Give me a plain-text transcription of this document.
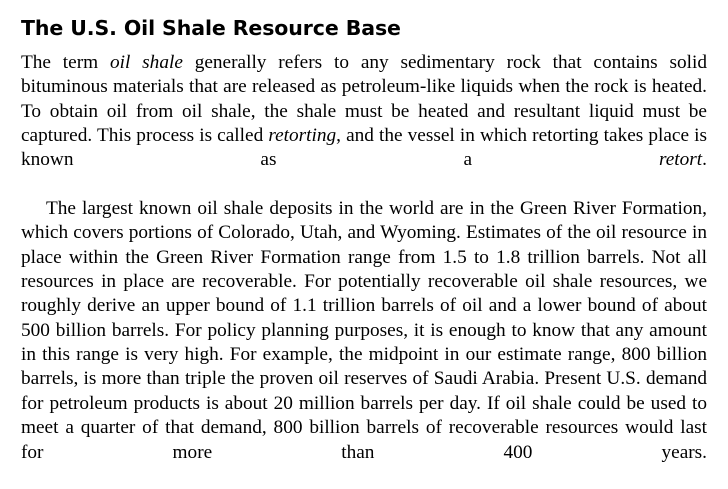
The U.S. Oil Shale Resource Base

The term oil shale generally refers to any sedimentary rock that contains solid bituminous materials that are released as petroleum-like liquids when the rock is heated. To obtain oil from oil shale, the shale must be heated and resultant liquid must be captured. This process is called retorting, and the vessel in which retorting takes place is known as a retort.

The largest known oil shale deposits in the world are in the Green River Formation, which covers portions of Colorado, Utah, and Wyoming. Estimates of the oil resource in place within the Green River Formation range from 1.5 to 1.8 trillion barrels. Not all resources in place are recoverable. For potentially recoverable oil shale resources, we roughly derive an upper bound of 1.1 trillion barrels of oil and a lower bound of about 500 billion barrels. For policy planning purposes, it is enough to know that any amount in this range is very high. For example, the midpoint in our estimate range, 800 billion barrels, is more than triple the proven oil reserves of Saudi Arabia. Present U.S. demand for petroleum products is about 20 million barrels per day. If oil shale could be used to meet a quarter of that demand, 800 billion barrels of recoverable resources would last for more than 400 years.
